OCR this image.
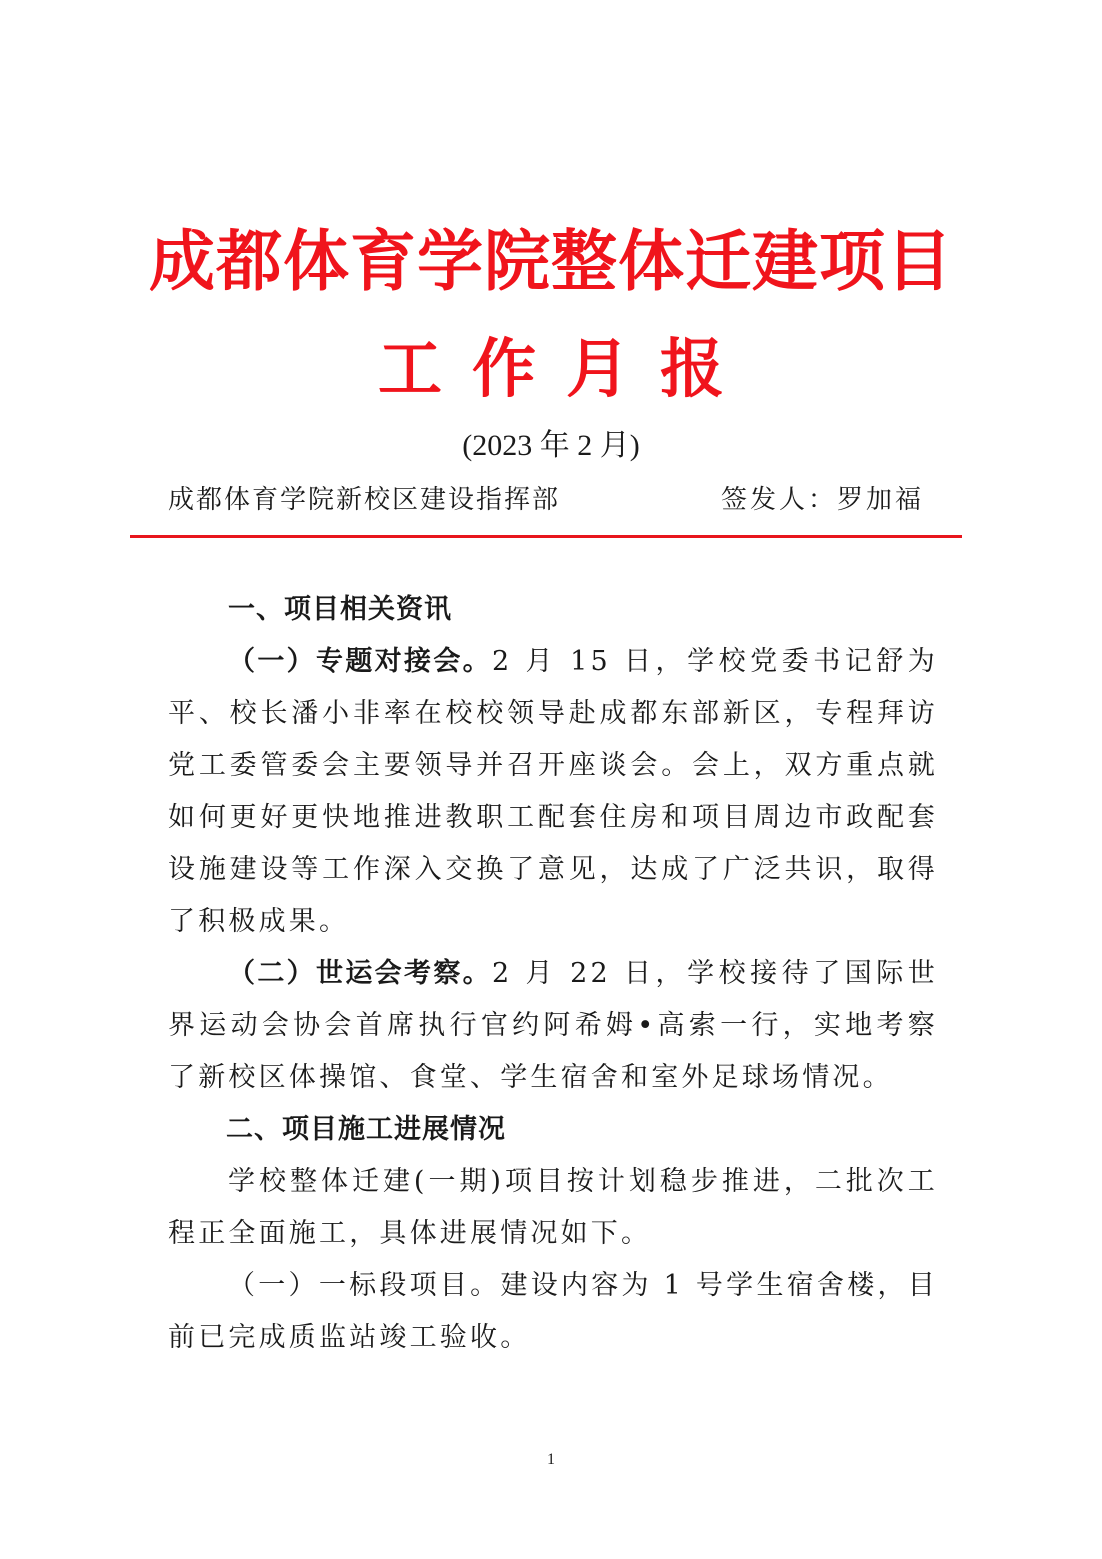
成都体育学院整体迁建项目
工作月报
(2023 年 2 月)
成都体育学院新校区建设指挥部	签发人：罗加福

一、项目相关资讯

（一）专题对接会。2 月 15 日，学校党委书记舒为平、校长潘小非率在校校领导赴成都东部新区，专程拜访党工委管委会主要领导并召开座谈会。会上，双方重点就如何更好更快地推进教职工配套住房和项目周边市政配套设施建设等工作深入交换了意见，达成了广泛共识，取得了积极成果。

（二）世运会考察。2 月 22 日，学校接待了国际世界运动会协会首席执行官约阿希姆•高索一行，实地考察了新校区体操馆、食堂、学生宿舍和室外足球场情况。

二、项目施工进展情况

学校整体迁建(一期)项目按计划稳步推进，二批次工程正全面施工，具体进展情况如下。

（一）一标段项目。建设内容为 1 号学生宿舍楼，目前已完成质监站竣工验收。

1
